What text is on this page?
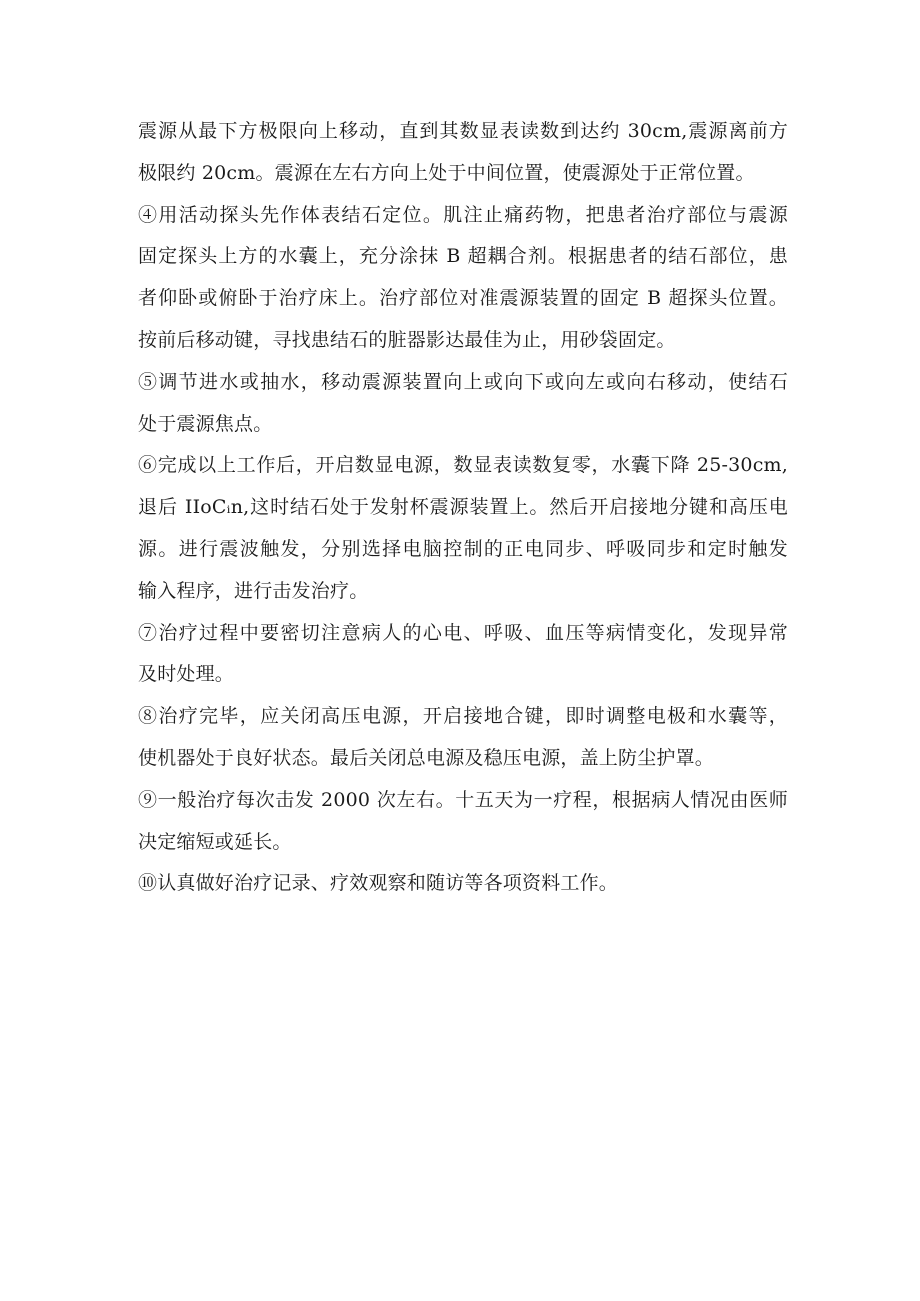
震源从最下方极限向上移动，直到其数显表读数到达约 30cm,震源离前方
极限约 20cm。震源在左右方向上处于中间位置，使震源处于正常位置。
④用活动探头先作体表结石定位。肌注止痛药物，把患者治疗部位与震源
固定探头上方的水囊上，充分涂抹 B 超耦合剂。根据患者的结石部位，患
者仰卧或俯卧于治疗床上。治疗部位对准震源装置的固定 B 超探头位置。
按前后移动键，寻找患结石的脏器影达最佳为止，用砂袋固定。
⑤调节进水或抽水，移动震源装置向上或向下或向左或向右移动，使结石
处于震源焦点。
⑥完成以上工作后，开启数显电源，数显表读数复零，水囊下降 25-30cm,
退后 IIoCᵢn,这时结石处于发射杯震源装置上。然后开启接地分键和高压电
源。进行震波触发，分别选择电脑控制的正电同步、呼吸同步和定时触发
输入程序，进行击发治疗。
⑦治疗过程中要密切注意病人的心电、呼吸、血压等病情变化，发现异常
及时处理。
⑧治疗完毕，应关闭高压电源，开启接地合键，即时调整电极和水囊等，
使机器处于良好状态。最后关闭总电源及稳压电源，盖上防尘护罩。
⑨一般治疗每次击发 2000 次左右。十五天为一疗程，根据病人情况由医师
决定缩短或延长。
⑩认真做好治疗记录、疗效观察和随访等各项资料工作。
